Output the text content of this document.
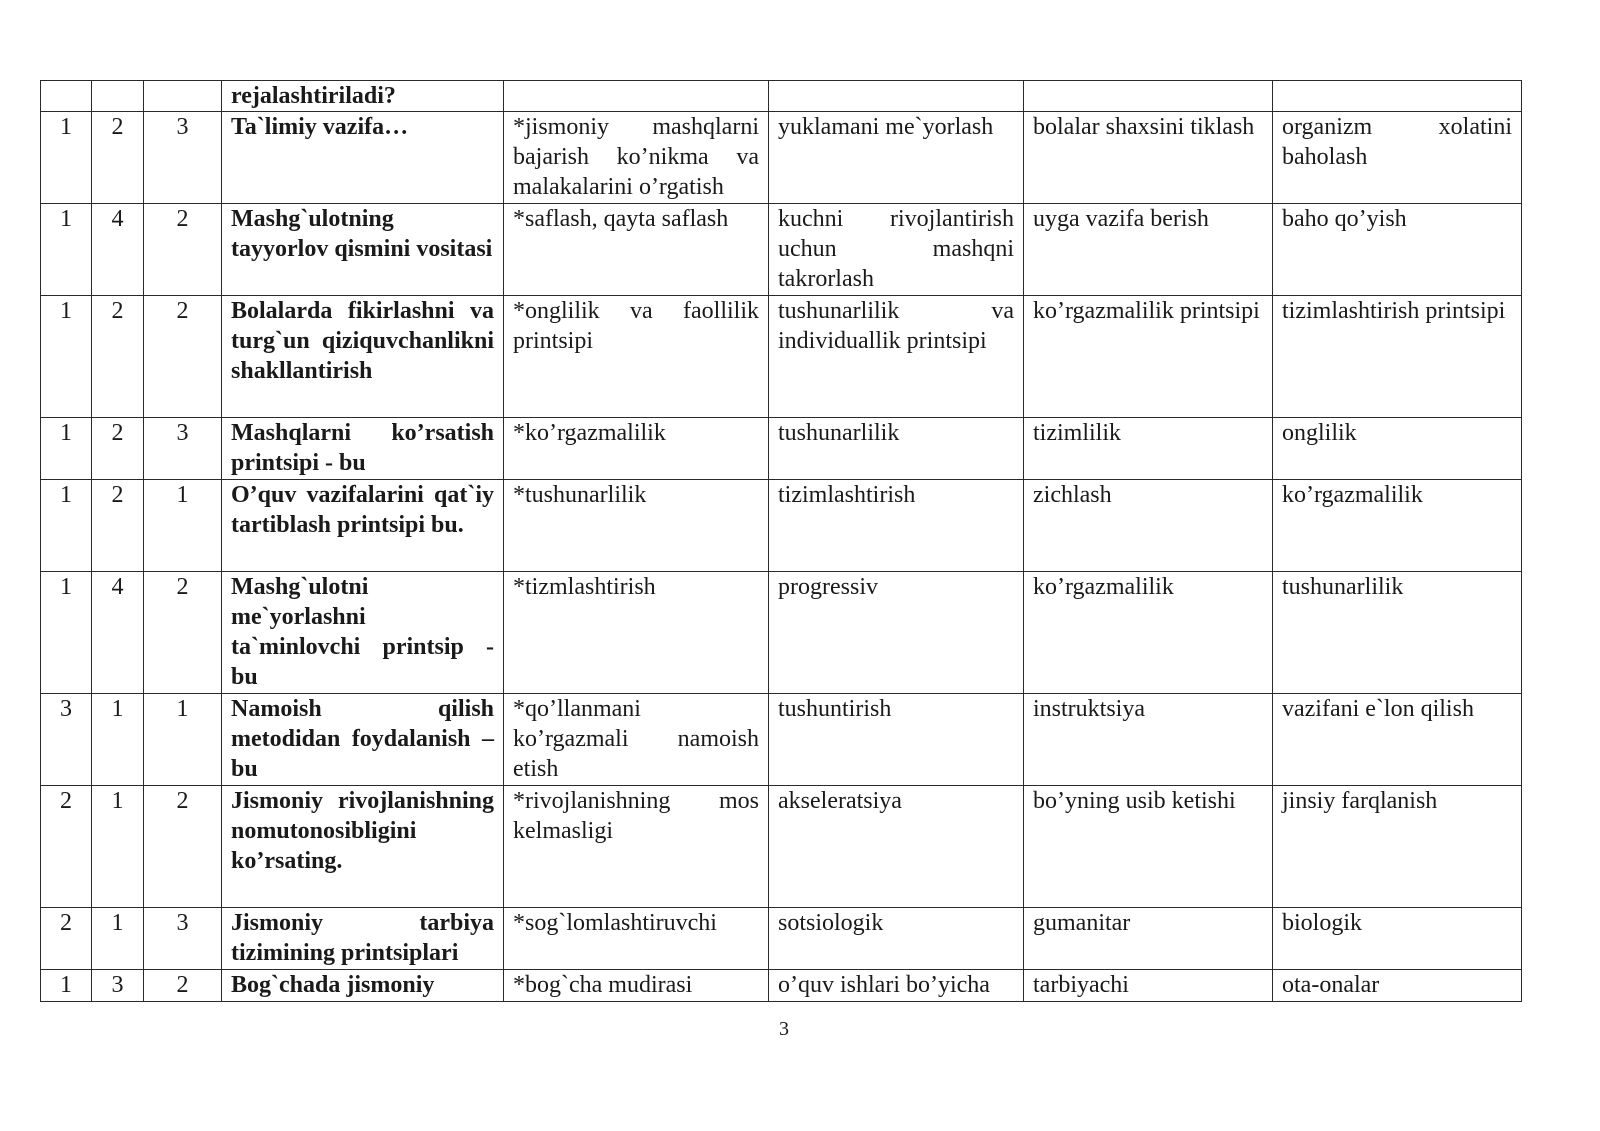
			rejalashtiriladi?				
1	2	3	Ta`limiy vazifa…	*jismoniy mashqlarni bajarish ko’nikma va malakalarini o’rgatish	yuklamani me`yorlash	bolalar shaxsini tiklash	organizm xolatini baholash
1	4	2	Mashg`ulotning tayyorlov qismini vositasi	*saflash, qayta saflash	kuchni rivojlantirish uchun mashqni takrorlash	uyga vazifa berish	baho qo’yish
1	2	2	Bolalarda fikirlashni va turg`un qiziquvchanlikni shakllantirish	*onglilik va faollilik printsipi	tushunarlilik va individuallik printsipi	ko’rgazmalilik printsipi	tizimlashtirish printsipi
1	2	3	Mashqlarni ko’rsatish printsipi - bu	*ko’rgazmalilik	tushunarlilik	tizimlilik	onglilik
1	2	1	O’quv vazifalarini qat`iy tartiblash printsipi bu.	*tushunarlilik	tizimlashtirish	zichlash	ko’rgazmalilik
1	4	2	Mashg`ulotni me`yorlashni ta`minlovchi printsip - bu	*tizmlashtirish	progressiv	ko’rgazmalilik	tushunarlilik
3	1	1	Namoish qilish metodidan foydalanish –bu	*qo’llanmani ko’rgazmali namoish etish	tushuntirish	instruktsiya	vazifani e`lon qilish
2	1	2	Jismoniy rivojlanishning nomutonosibligini ko’rsating.	*rivojlanishning mos kelmasligi	akseleratsiya	bo’yning usib ketishi	jinsiy farqlanish
2	1	3	Jismoniy tarbiya tizimining printsiplari	*sog`lomlashtiruvchi	sotsiologik	gumanitar	biologik
1	3	2	Bog`chada jismoniy	*bog`cha mudirasi	o’quv ishlari bo’yicha	tarbiyachi	ota-onalar
3
